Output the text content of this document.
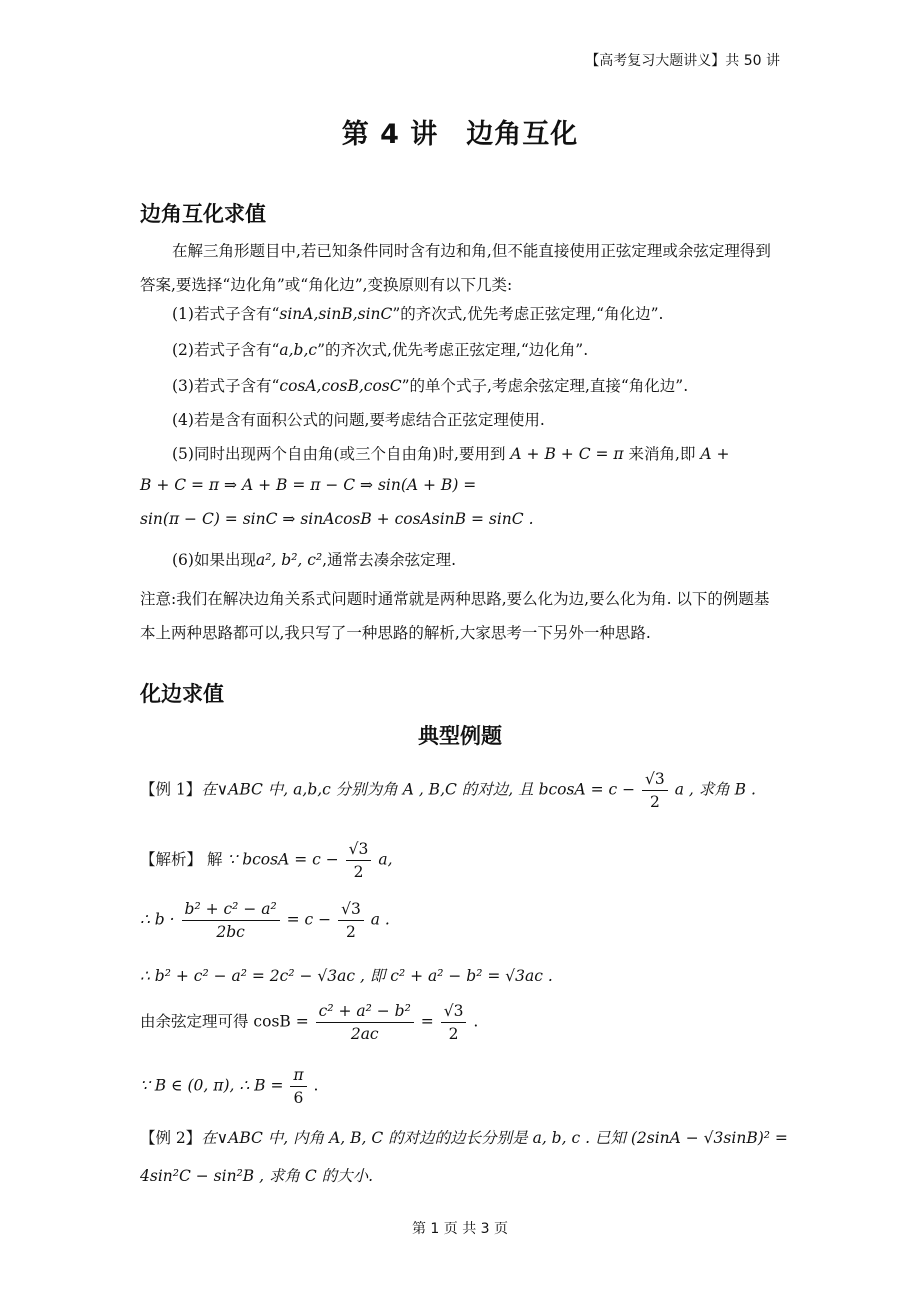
【高考复习大题讲义】共 50 讲
第 4 讲　边角互化
边角互化求值
在解三角形题目中,若已知条件同时含有边和角,但不能直接使用正弦定理或余弦定理得到答案,要选择“边化角”或“角化边”,变换原则有以下几类:
(1)若式子含有“sinA,sinB,sinC”的齐次式,优先考虑正弦定理,“角化边”.
(2)若式子含有“a,b,c”的齐次式,优先考虑正弦定理,“边化角”.
(3)若式子含有“cosA,cosB,cosC”的单个式子,考虑余弦定理,直接“角化边”.
(4)若是含有面积公式的问题,要考虑结合正弦定理使用.
(5)同时出现两个自由角(或三个自由角)时,要用到 A + B + C = π 来消角,即 A +
B + C = π ⇒ A + B = π − C ⇒ sin(A + B) =
sin(π − C) = sinC ⇒ sinAcosB + cosAsinB = sinC .
(6)如果出现a², b², c²,通常去凑余弦定理.
注意:我们在解决边角关系式问题时通常就是两种思路,要么化为边,要么化为角. 以下的例题基本上两种思路都可以,我只写了一种思路的解析,大家思考一下另外一种思路.
化边求值
典型例题
【例 1】在∨ABC 中, a,b,c 分别为角 A , B,C 的对边, 且 $bcosA = c - \frac{√3}{2}$ a , 求角 B .
【解析】 解 ∵ $bcosA = c - \frac{√3}{2} a$,
∴ $b \cdot \frac{\text{b² + c² − a²}}{2bc} = c - \frac{√3}{2}$ a .
∴ b² + c² − a² = 2c² − √3ac , 即 c² + a² − b² = √3ac .
由余弦定理可得 $\cos B = \frac{\text{c² + a² − b²}}{2ac} = \frac{√3}{2}$ .
∵ B ∈ (0, π), ∴ $B = \frac{\pi}{6}$ .
【例 2】在∨ABC 中, 内角 A, B, C 的对边的边长分别是 a, b, c . 已知 (2sinA − √3sinB)² =
4sin²C − sin²B , 求角 C 的大小.
第 1 页 共 3 页
